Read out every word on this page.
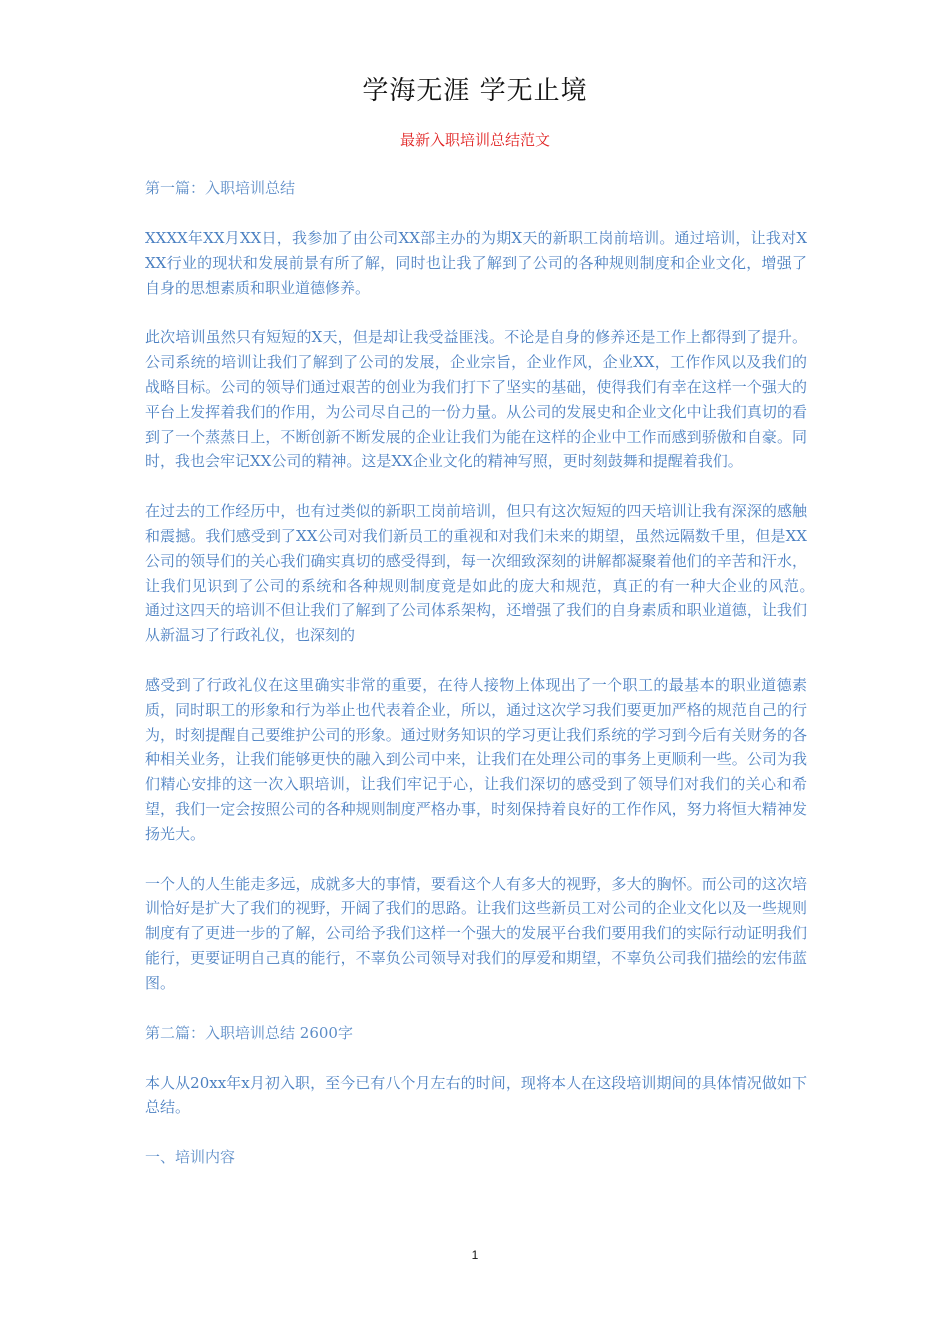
学海无涯 学无止境
最新入职培训总结范文

第一篇：入职培训总结

XXXX年XX月XX日，我参加了由公司XX部主办的为期X天的新职工岗前培训。通过培训，让我对XXX行业的现状和发展前景有所了解，同时也让我了解到了公司的各种规则制度和企业文化，增强了自身的思想素质和职业道德修养。

此次培训虽然只有短短的X天，但是却让我受益匪浅。不论是自身的修养还是工作上都得到了提升。公司系统的培训让我们了解到了公司的发展，企业宗旨，企业作风，企业XX，工作作风以及我们的战略目标。公司的领导们通过艰苦的创业为我们打下了坚实的基础，使得我们有幸在这样一个强大的平台上发挥着我们的作用，为公司尽自己的一份力量。从公司的发展史和企业文化中让我们真切的看到了一个蒸蒸日上，不断创新不断发展的企业让我们为能在这样的企业中工作而感到骄傲和自豪。同时，我也会牢记XX公司的精神。这是XX企业文化的精神写照，更时刻鼓舞和提醒着我们。

在过去的工作经历中，也有过类似的新职工岗前培训，但只有这次短短的四天培训让我有深深的感触和震撼。我们感受到了XX公司对我们新员工的重视和对我们未来的期望，虽然远隔数千里，但是XX公司的领导们的关心我们确实真切的感受得到，每一次细致深刻的讲解都凝聚着他们的辛苦和汗水，让我们见识到了公司的系统和各种规则制度竟是如此的庞大和规范，真正的有一种大企业的风范。　　通过这四天的培训不但让我们了解到了公司体系架构，还增强了我们的自身素质和职业道德，让我们从新温习了行政礼仪，也深刻的

感受到了行政礼仪在这里确实非常的重要，在待人接物上体现出了一个职工的最基本的职业道德素质，同时职工的形象和行为举止也代表着企业，所以，通过这次学习我们要更加严格的规范自己的行为，时刻提醒自己要维护公司的形象。通过财务知识的学习更让我们系统的学习到今后有关财务的各种相关业务，让我们能够更快的融入到公司中来，让我们在处理公司的事务上更顺利一些。公司为我们精心安排的这一次入职培训，让我们牢记于心，让我们深切的感受到了领导们对我们的关心和希望，我们一定会按照公司的各种规则制度严格办事，时刻保持着良好的工作作风，努力将恒大精神发扬光大。

一个人的人生能走多远，成就多大的事情，要看这个人有多大的视野，多大的胸怀。而公司的这次培训恰好是扩大了我们的视野，开阔了我们的思路。让我们这些新员工对公司的企业文化以及一些规则制度有了更进一步的了解，公司给予我们这样一个强大的发展平台我们要用我们的实际行动证明我们能行，更要证明自己真的能行，不辜负公司领导对我们的厚爱和期望，不辜负公司我们描绘的宏伟蓝图。

第二篇：入职培训总结 2600字

本人从20xx年x月初入职，至今已有八个月左右的时间，现将本人在这段培训期间的具体情况做如下总结。

一、培训内容

1
